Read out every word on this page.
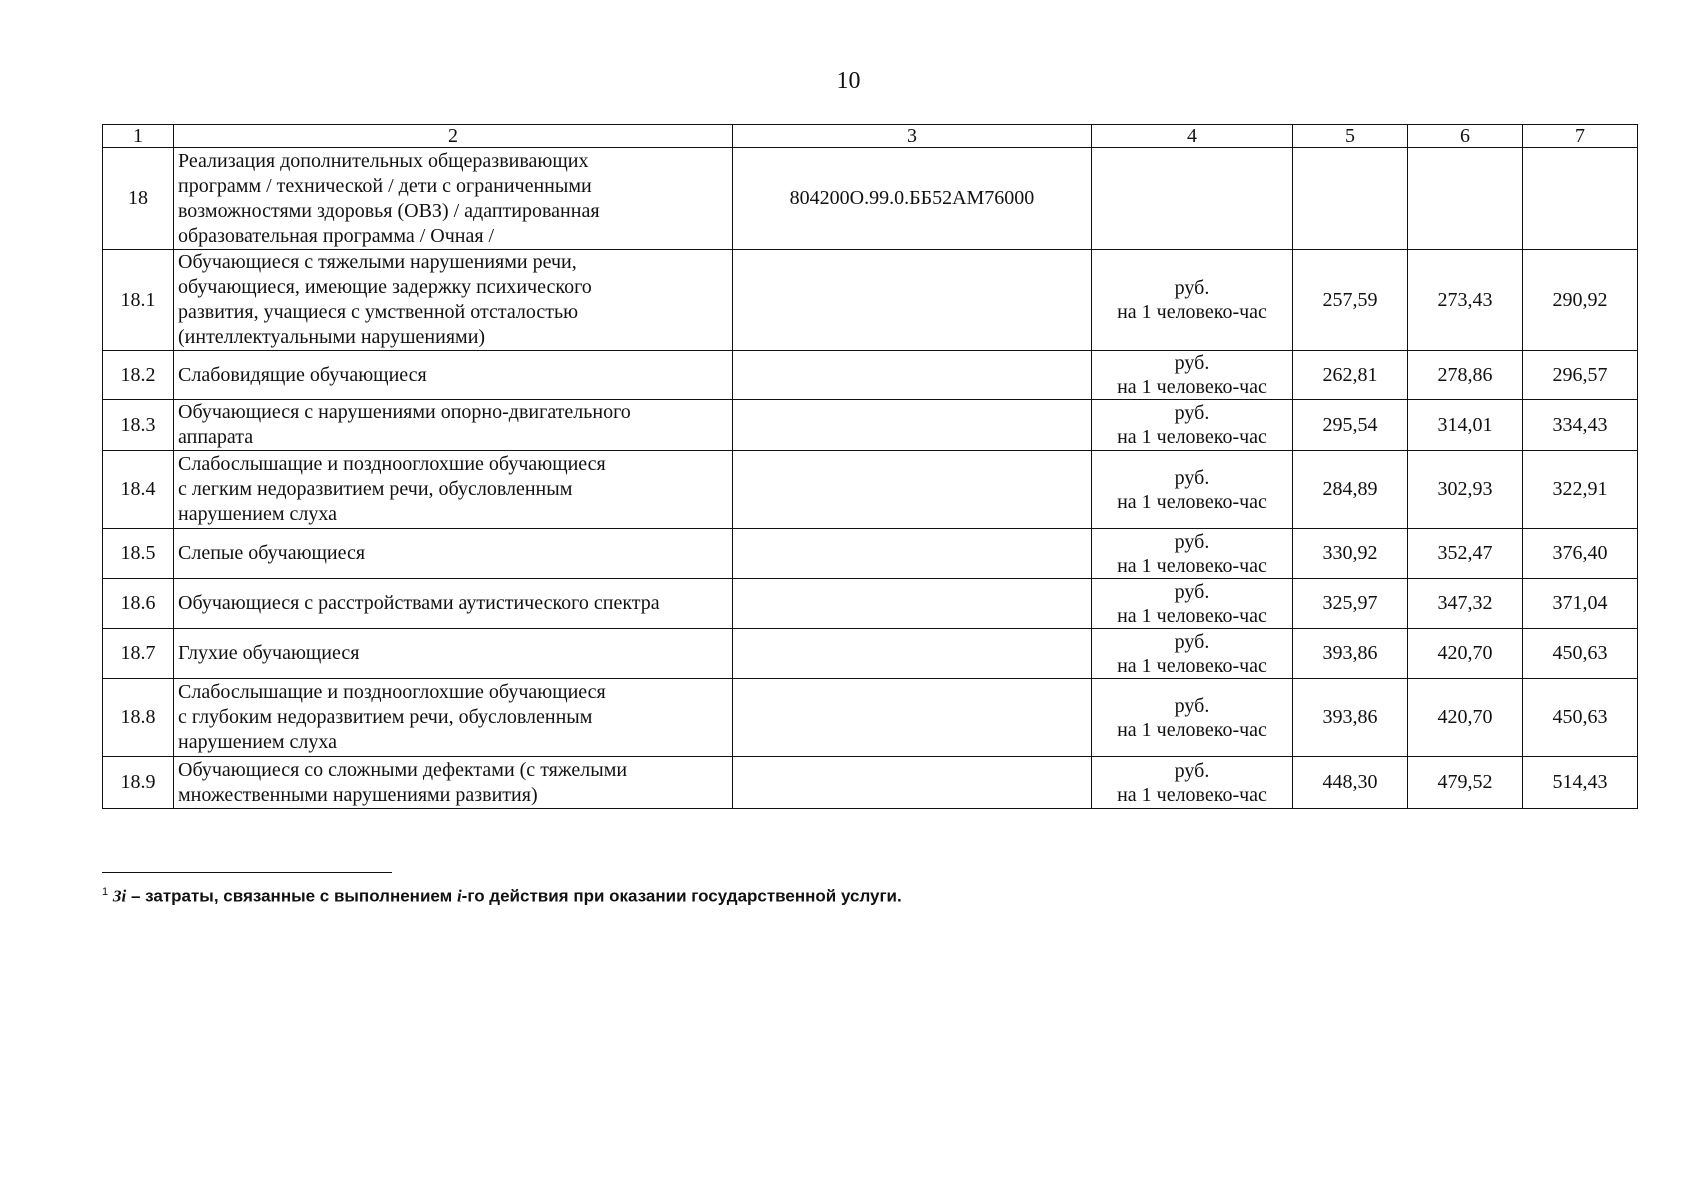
10
1	2	3	4	5	6	7
18	Реализация дополнительных общеразвивающих
программ / технической / дети с ограниченными
возможностями здоровья (ОВЗ) / адаптированная
образовательная программа / Очная /	804200О.99.0.ББ52АМ76000	

18.1	Обучающиеся с тяжелыми нарушениями речи,
обучающиеся, имеющие задержку психического
развития, учащиеся с умственной отсталостью
(интеллектуальными нарушениями)		руб.
на 1 человеко-час	257,59	273,43	290,92
18.2	Слабовидящие обучающиеся		руб.
на 1 человеко-час	262,81	278,86	296,57
18.3	Обучающиеся с нарушениями опорно-двигательного
аппарата		руб.
на 1 человеко-час	295,54	314,01	334,43
18.4	Слабослышащие и позднооглохшие обучающиеся
с легким недоразвитием речи, обусловленным
нарушением слуха		руб.
на 1 человеко-час	284,89	302,93	322,91
18.5	Слепые обучающиеся		руб.
на 1 человеко-час	330,92	352,47	376,40
18.6	Обучающиеся с расстройствами аутистического спектра		руб.
на 1 человеко-час	325,97	347,32	371,04
18.7	Глухие обучающиеся		руб.
на 1 человеко-час	393,86	420,70	450,63
18.8	Слабослышащие и позднооглохшие обучающиеся
с глубоким недоразвитием речи, обусловленным
нарушением слуха		руб.
на 1 человеко-час	393,86	420,70	450,63
18.9	Обучающиеся со сложными дефектами (с тяжелыми
множественными нарушениями развития)		руб.
на 1 человеко-час	448,30	479,52	514,43
$^1$ Зi – затраты, связанные с выполнением i-го действия при оказании государственной услуги.
